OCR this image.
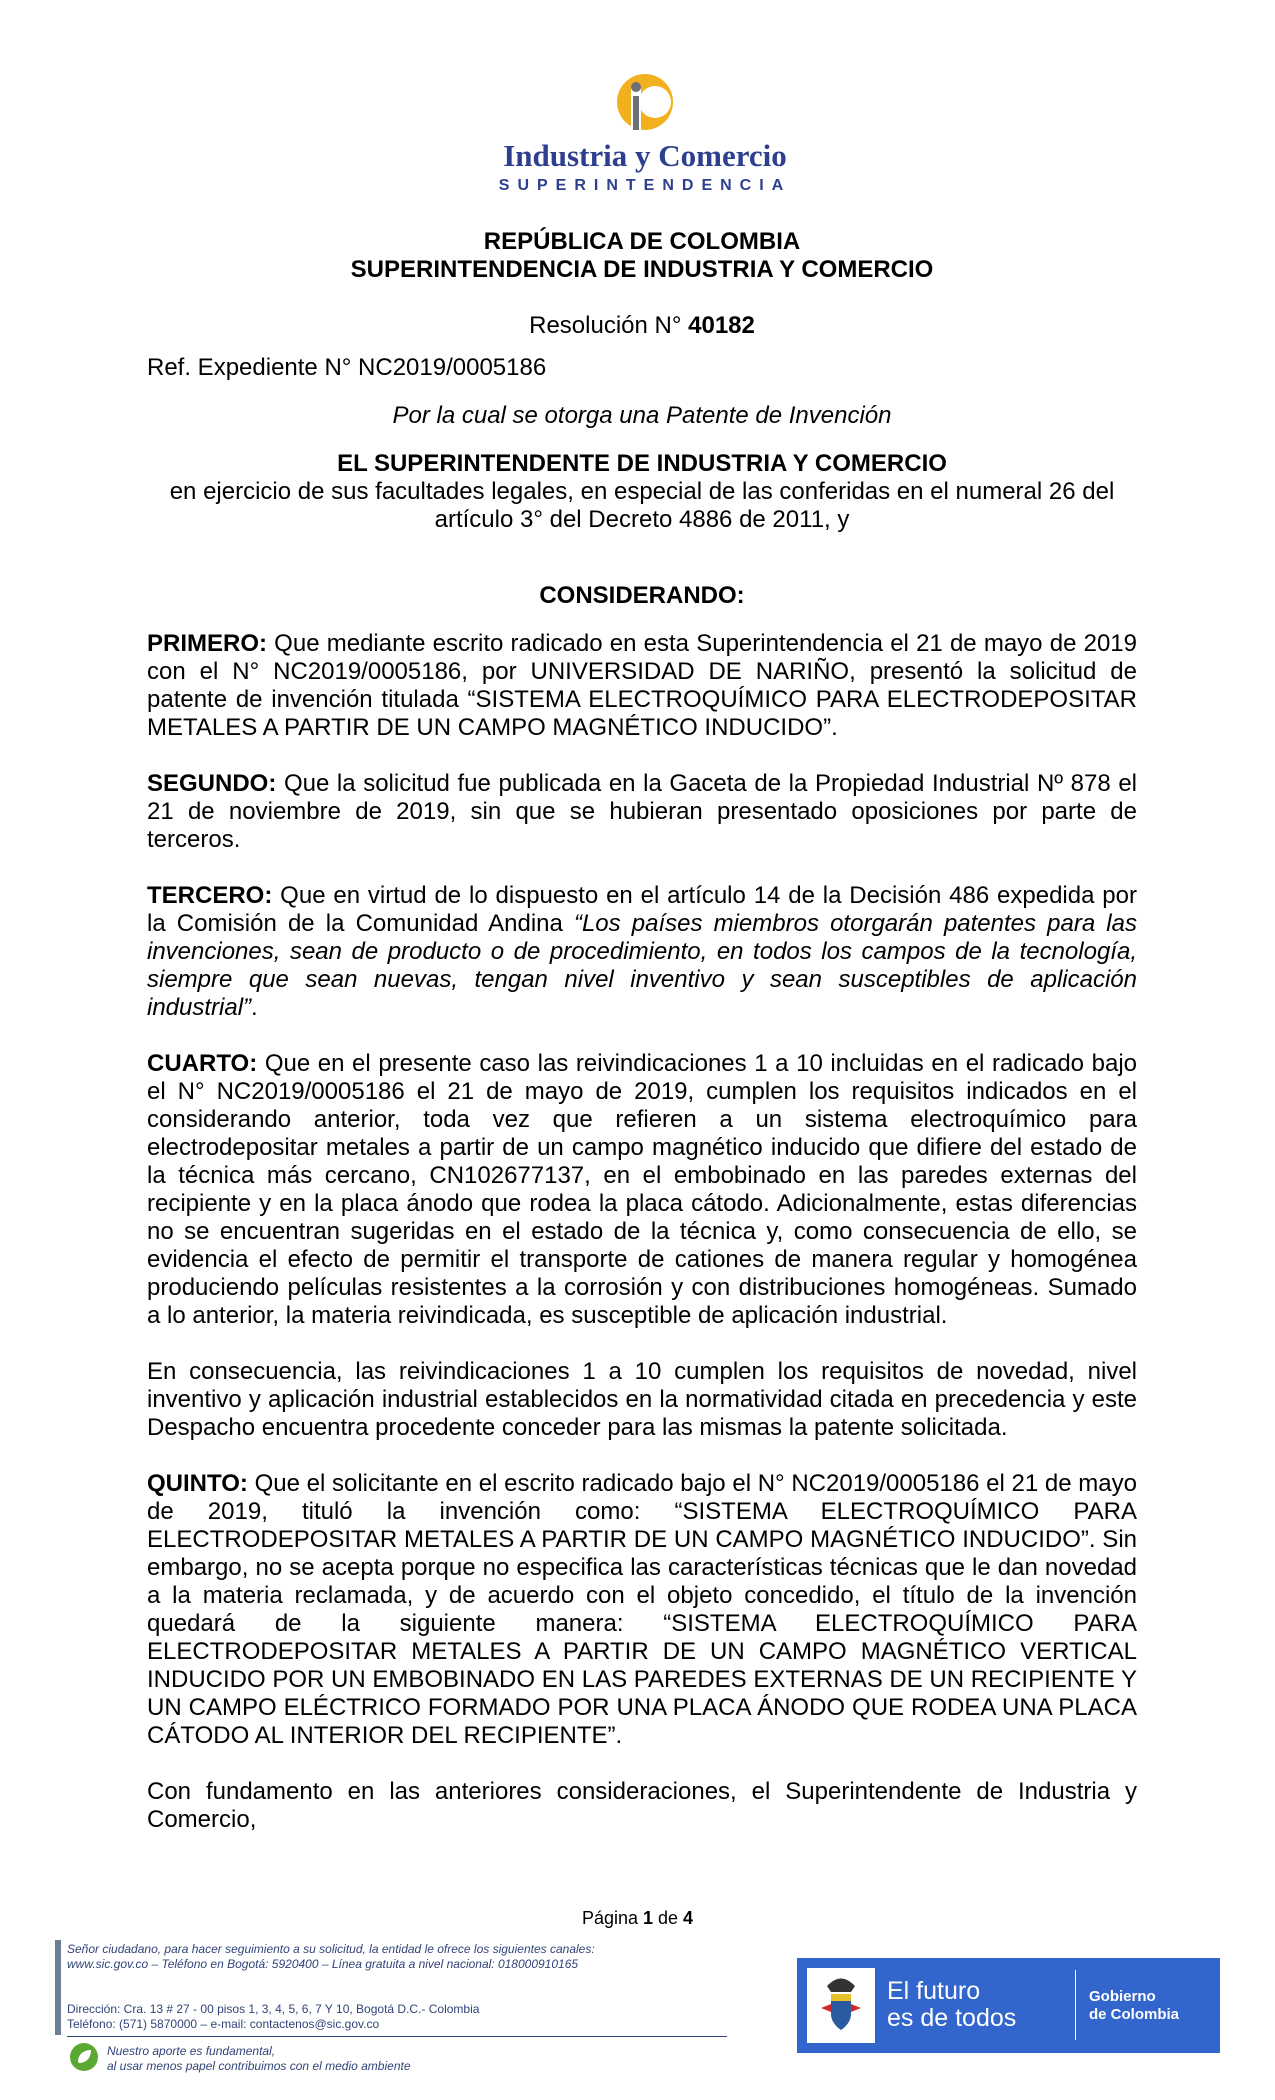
Industria y Comercio
SUPERINTENDENCIA
REPÚBLICA DE COLOMBIA
SUPERINTENDENCIA DE INDUSTRIA Y COMERCIO
Resolución N° 40182
Ref. Expediente N° NC2019/0005186
Por la cual se otorga una Patente de Invención
EL SUPERINTENDENTE DE INDUSTRIA Y COMERCIO
en ejercicio de sus facultades legales, en especial de las conferidas en el numeral 26 del artículo 3° del Decreto 4886 de 2011, y
CONSIDERANDO:

PRIMERO: Que mediante escrito radicado en esta Superintendencia el 21 de mayo de 2019 con el N° NC2019/0005186, por UNIVERSIDAD DE NARIÑO, presentó la solicitud de patente de invención titulada “SISTEMA ELECTROQUÍMICO PARA ELECTRODEPOSITAR METALES A PARTIR DE UN CAMPO MAGNÉTICO INDUCIDO”.

SEGUNDO: Que la solicitud fue publicada en la Gaceta de la Propiedad Industrial Nº 878 el 21 de noviembre de 2019, sin que se hubieran presentado oposiciones por parte de terceros.

TERCERO: Que en virtud de lo dispuesto en el artículo 14 de la Decisión 486 expedida por la Comisión de la Comunidad Andina “Los países miembros otorgarán patentes para las invenciones, sean de producto o de procedimiento, en todos los campos de la tecnología, siempre que sean nuevas, tengan nivel inventivo y sean susceptibles de aplicación industrial”.

CUARTO: Que en el presente caso las reivindicaciones 1 a 10 incluidas en el radicado bajo el N° NC2019/0005186 el 21 de mayo de 2019, cumplen los requisitos indicados en el considerando anterior, toda vez que refieren a un sistema electroquímico para electrodepositar metales a partir de un campo magnético inducido que difiere del estado de la técnica más cercano, CN102677137, en el embobinado en las paredes externas del recipiente y en la placa ánodo que rodea la placa cátodo. Adicionalmente, estas diferencias no se encuentran sugeridas en el estado de la técnica y, como consecuencia de ello, se evidencia el efecto de permitir el transporte de cationes de manera regular y homogénea produciendo películas resistentes a la corrosión y con distribuciones homogéneas. Sumado a lo anterior, la materia reivindicada, es susceptible de aplicación industrial.

En consecuencia, las reivindicaciones 1 a 10 cumplen los requisitos de novedad, nivel inventivo y aplicación industrial establecidos en la normatividad citada en precedencia y este Despacho encuentra procedente conceder para las mismas la patente solicitada.

QUINTO: Que el solicitante en el escrito radicado bajo el N° NC2019/0005186 el 21 de mayo de 2019, tituló la invención como: “SISTEMA ELECTROQUÍMICO PARA ELECTRODEPOSITAR METALES A PARTIR DE UN CAMPO MAGNÉTICO INDUCIDO”. Sin embargo, no se acepta porque no especifica las características técnicas que le dan novedad a la materia reclamada, y de acuerdo con el objeto concedido, el título de la invención quedará de la siguiente manera: “SISTEMA ELECTROQUÍMICO PARA ELECTRODEPOSITAR METALES A PARTIR DE UN CAMPO MAGNÉTICO VERTICAL INDUCIDO POR UN EMBOBINADO EN LAS PAREDES EXTERNAS DE UN RECIPIENTE Y UN CAMPO ELÉCTRICO FORMADO POR UNA PLACA ÁNODO QUE RODEA UNA PLACA CÁTODO AL INTERIOR DEL RECIPIENTE”.

Con fundamento en las anteriores consideraciones, el Superintendente de Industria y Comercio,

Página 1 de 4
Señor ciudadano, para hacer seguimiento a su solicitud, la entidad le ofrece los siguientes canales:
www.sic.gov.co – Teléfono en Bogotá: 5920400 – Línea gratuita a nivel nacional: 018000910165
Dirección: Cra. 13 # 27 - 00 pisos 1, 3, 4, 5, 6, 7 Y 10, Bogotá D.C.- Colombia
Teléfono: (571) 5870000 – e-mail: contactenos@sic.gov.co
Nuestro aporte es fundamental,
al usar menos papel contribuimos con el medio ambiente
El futuro
es de todos
Gobierno
de Colombia
